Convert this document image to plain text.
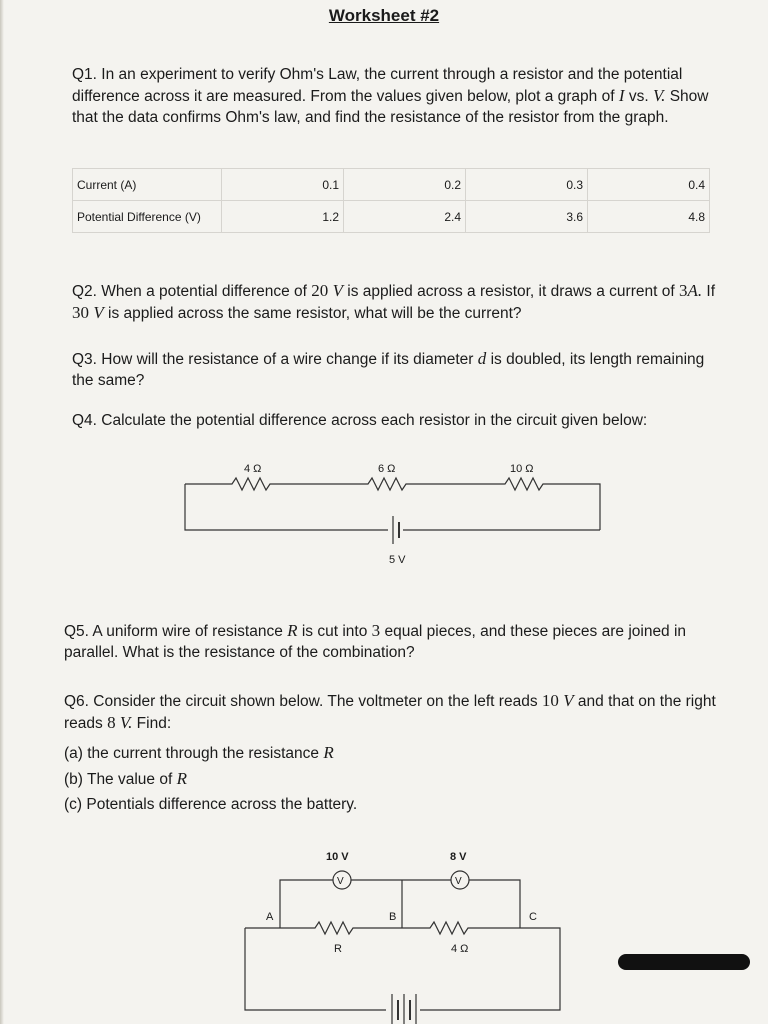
Worksheet #2

Q1. In an experiment to verify Ohm's Law, the current through a resistor and the potential difference across it are measured. From the values given below, plot a graph of I vs. V. Show that the data confirms Ohm's law, and find the resistance of the resistor from the graph.

Current (A)	0.1	0.2	0.3	0.4
Potential Difference (V)	1.2	2.4	3.6	4.8

Q2. When a potential difference of 20 V is applied across a resistor, it draws a current of 3A. If 30 V is applied across the same resistor, what will be the current?

Q3. How will the resistance of a wire change if its diameter d is doubled, its length remaining the same?

Q4. Calculate the potential difference across each resistor in the circuit given below:

Q5. A uniform wire of resistance R is cut into 3 equal pieces, and these pieces are joined in parallel. What is the resistance of the combination?

Q6. Consider the circuit shown below. The voltmeter on the left reads 10 V and that on the right reads 8 V. Find:

(a) the current through the resistance R
(b) The value of R
(c) Potentials difference across the battery.
4 Ω	6 Ω	10 Ω
5 V
10 V	8 V
V	V
A	B	C
R	4 Ω
